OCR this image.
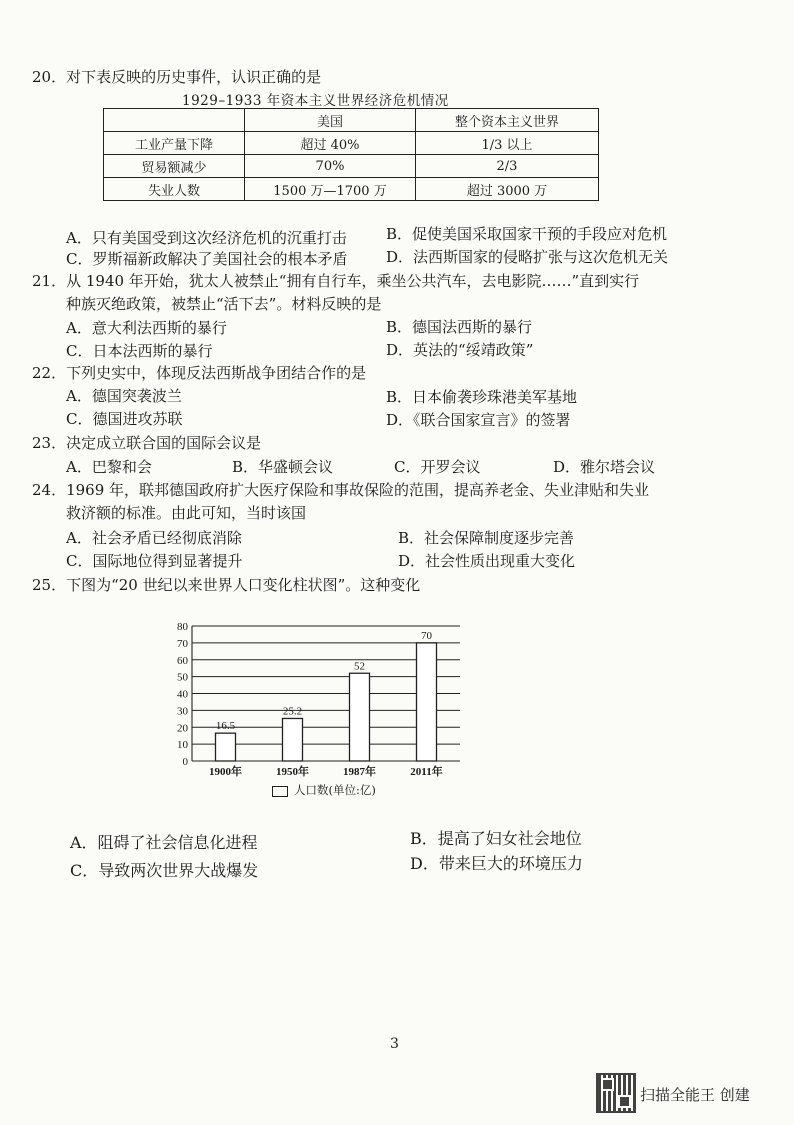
20．对下表反映的历史事件，认识正确的是
1929–1933 年资本主义世界经济危机情况
	美国	整个资本主义世界
工业产量下降	超过 40%	1/3 以上
贸易额减少	70%	2/3
失业人数	1500 万—1700 万	超过 3000 万
A．只有美国受到这次经济危机的沉重打击	B．促使美国采取国家干预的手段应对危机
C．罗斯福新政解决了美国社会的根本矛盾	D．法西斯国家的侵略扩张与这次危机无关
21．从 1940 年开始，犹太人被禁止“拥有自行车，乘坐公共汽车，去电影院……”直到实行
种族灭绝政策，被禁止“活下去”。材料反映的是
A．意大利法西斯的暴行	B．德国法西斯的暴行
C．日本法西斯的暴行	D．英法的“绥靖政策”
22．下列史实中，体现反法西斯战争团结合作的是
A．德国突袭波兰	B．日本偷袭珍珠港美军基地
C．德国进攻苏联	D．《联合国家宣言》的签署
23．决定成立联合国的国际会议是
A．巴黎和会	B．华盛顿会议	C．开罗会议	D．雅尔塔会议
24．1969 年，联邦德国政府扩大医疗保险和事故保险的范围，提高养老金、失业津贴和失业
救济额的标准。由此可知，当时该国
A．社会矛盾已经彻底消除	B．社会保障制度逐步完善
C．国际地位得到显著提升	D．社会性质出现重大变化
25．下图为“20 世纪以来世界人口变化柱状图”。这种变化
0
10
20
30
40
50
60
70
80
16.5
1900年
25.2
1950年
52
1987年
70
2011年
人口数(单位:亿)
A．阻碍了社会信息化进程	B．提高了妇女社会地位
C．导致两次世界大战爆发	D．带来巨大的环境压力
3
扫描全能王 创建
